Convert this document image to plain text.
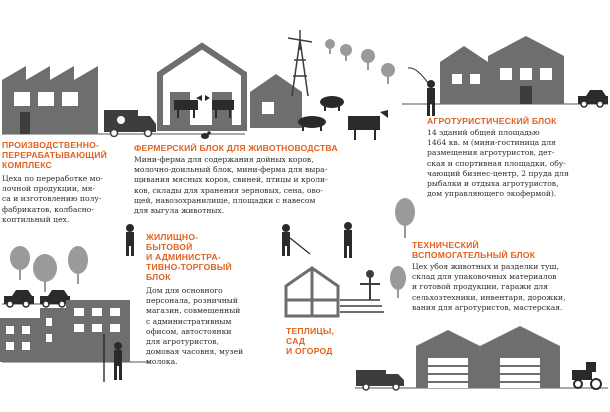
ПРОИЗВОДСТВЕННО-
ПЕРЕРАБАТЫВАЮЩИЙ
КОМПЛЕКС
Цеха по переработке мо-
лочной продукции, мя-
са и изготовлению полу-
фабрикатов, колбасно-
коптильный цех.
ФЕРМЕРСКИЙ БЛОК ДЛЯ ЖИВОТНОВОДСТВА
Мини-ферма для содержания дойных коров,
молочно-доильный блок, мини-ферма для выра-
щивания мясных коров, свиней, птицы и кроли-
ков, склады для хранения зерновых, сена, ово-
щей, навозохранилище, площадки с навесом
для выгула животных.
АГРОТУРИСТИЧЕСКИЙ БЛОК
14 зданий общей площадью
1464 кв. м (мини-гостиница для
размещения агротуристов, дет-
ская и спортивная площадки, обу-
чающий бизнес-центр, 2 пруда для
рыбалки и отдыха агротуристов,
дом управляющего экофермой).
ЖИЛИЩНО-
БЫТОВОЙ
И АДМИНИСТРА-
ТИВНО-ТОРГОВЫЙ
БЛОК
Дом для основного
персонала, розничный
магазин, совмещенный
с административным
офисом, автостоянки
для агротуристов,
домовая часовня, музей
молока.
ТЕПЛИЦЫ,
САД
И ОГОРОД
ТЕХНИЧЕСКИЙ
ВСПОМОГАТЕЛЬНЫЙ БЛОК
Цех убоя животных и разделки туш,
склад для упаковочных материалов
и готовой продукции, гаражи для
сельхозтехники, инвентаря, дорожки,
вания для агротуристов, мастерская.
